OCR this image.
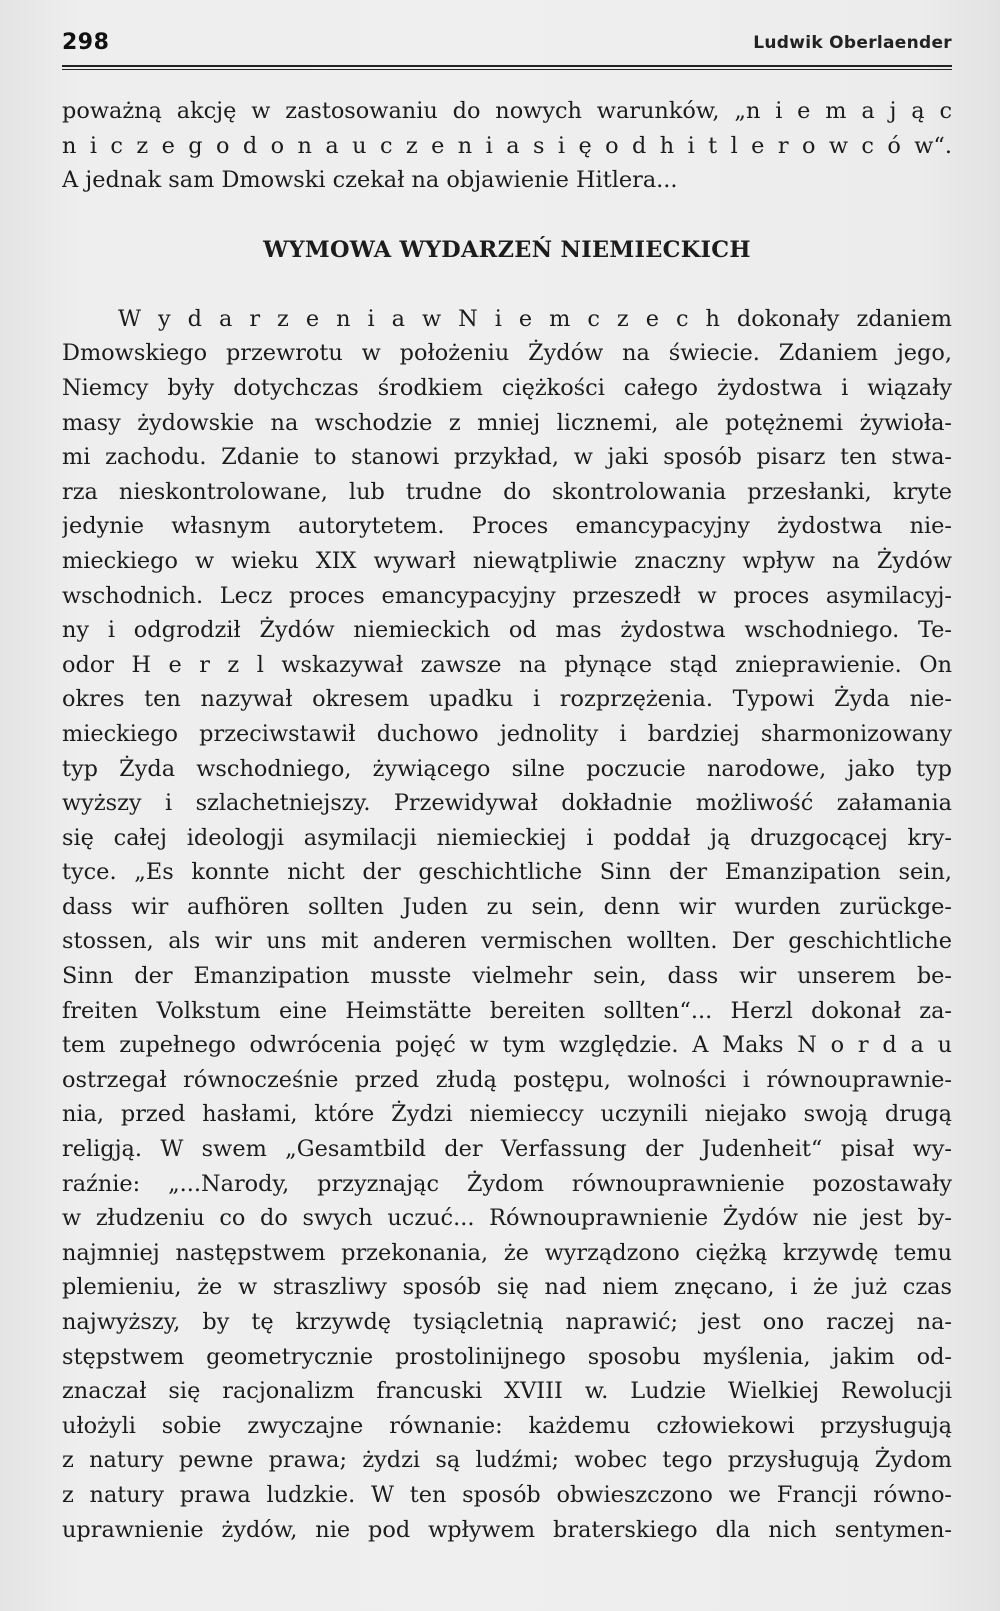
298	Ludwik Oberlaender
poważną akcję w zastosowaniu do nowych warunków, „n i e m a j ą c
n i c z e g o d o n a u c z e n i a s i ę o d h i t l e r o w c ó w“.
A jednak sam Dmowski czekał na objawienie Hitlera...
WYMOWA WYDARZEŃ NIEMIECKICH
W y d a r z e n i a w N i e m c z e c h dokonały zdaniem
Dmowskiego przewrotu w położeniu Żydów na świecie. Zdaniem jego,
Niemcy były dotychczas środkiem ciężkości całego żydostwa i wiązały
masy żydowskie na wschodzie z mniej licznemi, ale potężnemi żywioła-
mi zachodu. Zdanie to stanowi przykład, w jaki sposób pisarz ten stwa-
rza nieskontrolowane, lub trudne do skontrolowania przesłanki, kryte
jedynie własnym autorytetem. Proces emancypacyjny żydostwa nie-
mieckiego w wieku XIX wywarł niewątpliwie znaczny wpływ na Żydów
wschodnich. Lecz proces emancypacyjny przeszedł w proces asymilacyj-
ny i odgrodził Żydów niemieckich od mas żydostwa wschodniego. Te-
odor H e r z l wskazywał zawsze na płynące stąd znieprawienie. On
okres ten nazywał okresem upadku i rozprzężenia. Typowi Żyda nie-
mieckiego przeciwstawił duchowo jednolity i bardziej sharmonizowany
typ Żyda wschodniego, żywiącego silne poczucie narodowe, jako typ
wyższy i szlachetniejszy. Przewidywał dokładnie możliwość załamania
się całej ideologji asymilacji niemieckiej i poddał ją druzgocącej kry-
tyce. „Es konnte nicht der geschichtliche Sinn der Emanzipation sein,
dass wir aufhören sollten Juden zu sein, denn wir wurden zurückge-
stossen, als wir uns mit anderen vermischen wollten. Der geschichtliche
Sinn der Emanzipation musste vielmehr sein, dass wir unserem be-
freiten Volkstum eine Heimstätte bereiten sollten“... Herzl dokonał za-
tem zupełnego odwrócenia pojęć w tym względzie. A Maks N o r d a u
ostrzegał równocześnie przed złudą postępu, wolności i równouprawnie-
nia, przed hasłami, które Żydzi niemieccy uczynili niejako swoją drugą
religją. W swem „Gesamtbild der Verfassung der Judenheit“ pisał wy-
raźnie: „...Narody, przyznając Żydom równouprawnienie pozostawały
w złudzeniu co do swych uczuć... Równouprawnienie Żydów nie jest by-
najmniej następstwem przekonania, że wyrządzono ciężką krzywdę temu
plemieniu, że w straszliwy sposób się nad niem znęcano, i że już czas
najwyższy, by tę krzywdę tysiącletnią naprawić; jest ono raczej na-
stępstwem geometrycznie prostolinijnego sposobu myślenia, jakim od-
znaczał się racjonalizm francuski XVIII w. Ludzie Wielkiej Rewolucji
ułożyli sobie zwyczajne równanie: każdemu człowiekowi przysługują
z natury pewne prawa; żydzi są ludźmi; wobec tego przysługują Żydom
z natury prawa ludzkie. W ten sposób obwieszczono we Francji równo-
uprawnienie żydów, nie pod wpływem braterskiego dla nich sentymen-
